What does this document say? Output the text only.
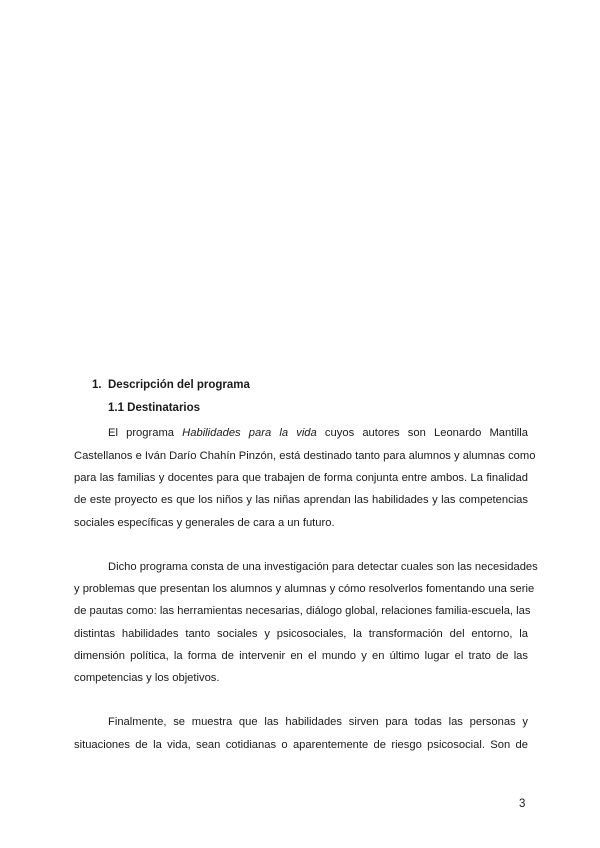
1. Descripción del programa
1.1 Destinatarios
El programa Habilidades para la vida cuyos autores son Leonardo Mantilla
Castellanos e Iván Darío Chahín Pinzón, está destinado tanto para alumnos y alumnas como
para las familias y docentes para que trabajen de forma conjunta entre ambos. La finalidad
de este proyecto es que los niños y las niñas aprendan las habilidades y las competencias
sociales específicas y generales de cara a un futuro.
Dicho programa consta de una investigación para detectar cuales son las necesidades
y problemas que presentan los alumnos y alumnas y cómo resolverlos fomentando una serie
de pautas como: las herramientas necesarias, diálogo global, relaciones familia-escuela, las
distintas habilidades tanto sociales y psicosociales, la transformación del entorno, la
dimensión política, la forma de intervenir en el mundo y en último lugar el trato de las
competencias y los objetivos.
Finalmente, se muestra que las habilidades sirven para todas las personas y
situaciones de la vida, sean cotidianas o aparentemente de riesgo psicosocial. Son de
3
